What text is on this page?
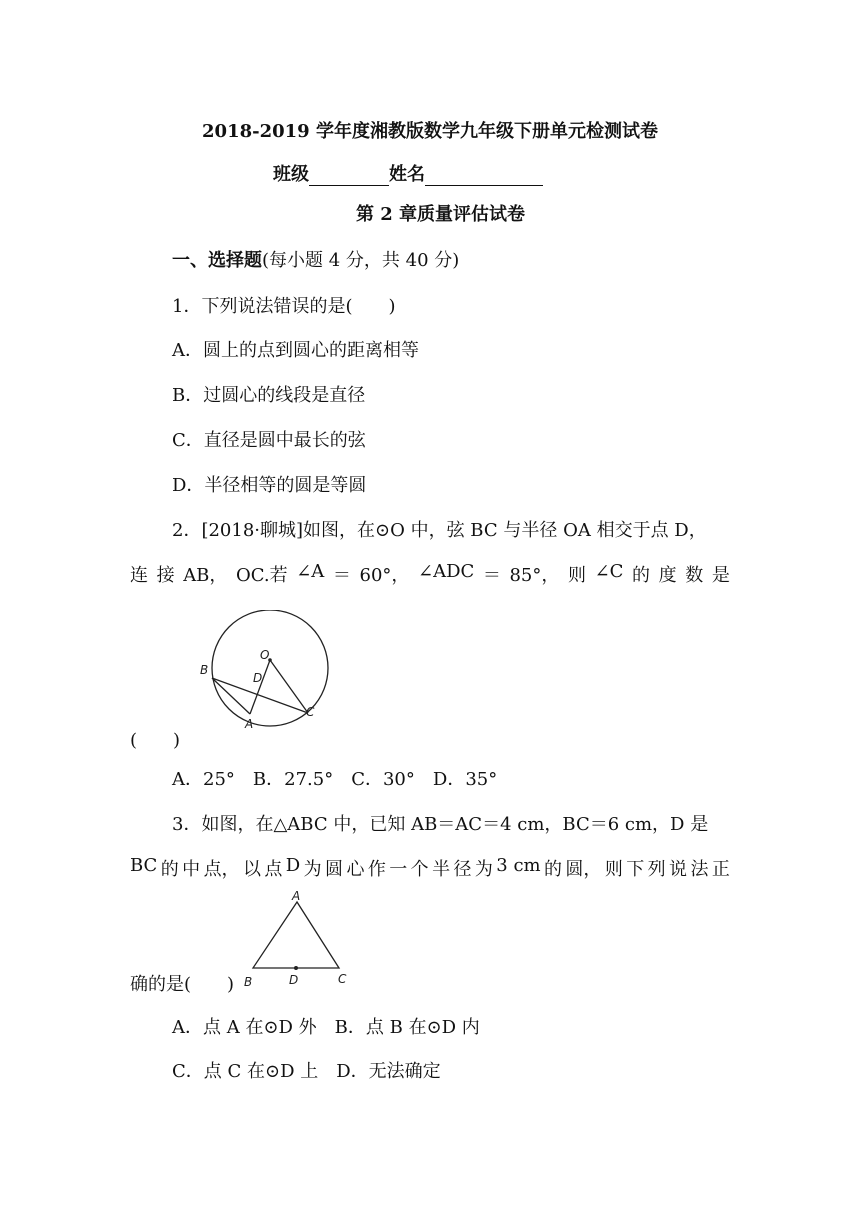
2018-2019 学年度湘教版数学九年级下册单元检测试卷
班级	姓名
第 2 章质量评估试卷
一、选择题(每小题 4 分，共 40 分)
1．下列说法错误的是(　　)
A．圆上的点到圆心的距离相等
B．过圆心的线段是直径
C．直径是圆中最长的弦
D．半径相等的圆是等圆
2．[2018·聊城]如图，在⊙O 中，弦 BC 与半径 OA 相交于点 D，
连 接 AB， OC.若 ∠A ＝ 60°， ∠ADC ＝ 85°， 则 ∠C 的 度 数 是
O
B
D
A
C
(　　)
A．25°　B．27.5°　C．30°　D．35°
3．如图，在△ABC 中，已知 AB＝AC＝4 cm，BC＝6 cm，D 是
BC 的 中 点， 以 点 D 为 圆 心 作 一 个 半 径 为 3 cm 的 圆， 则 下 列 说 法 正
确的是(　　)
A
B	D	C
A．点 A 在⊙D 外　B．点 B 在⊙D 内
C．点 C 在⊙D 上　D．无法确定
